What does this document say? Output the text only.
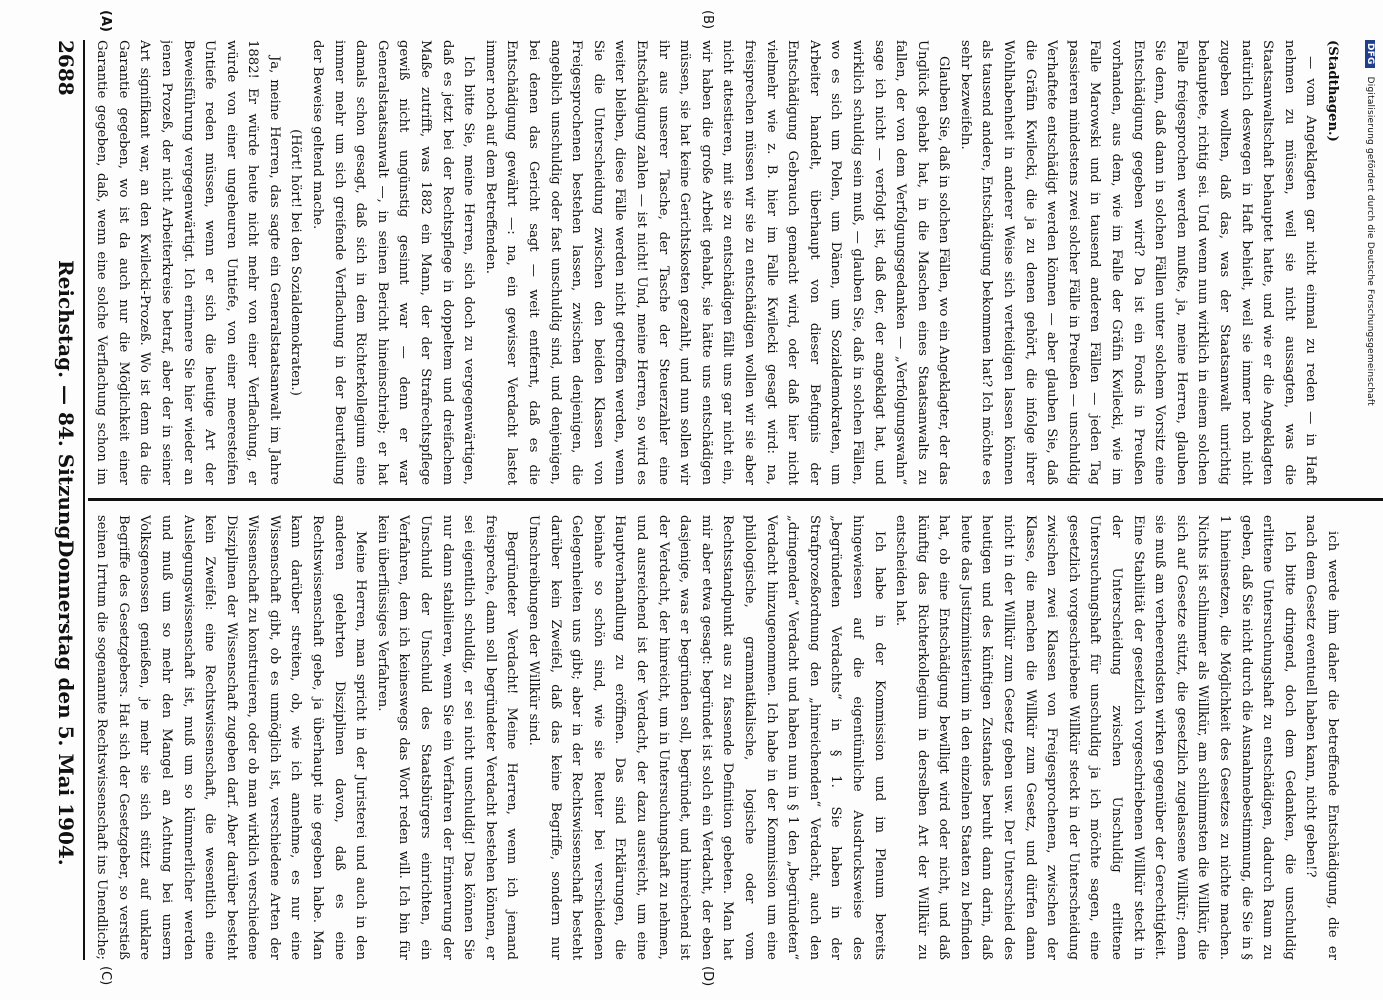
DFG Digitalisierung gefördert durch die Deutsche Forschungsgemeinschaft
(A)	(B)
(C)	(D)

(Stadthagen.)

— vom Angeklagten gar nicht einmal zu reden — in Haft nehmen zu müssen, weil sie nicht aussagten, was die Staatsanwaltschaft behauptet hatte, und wie er die Angeklagten natürlich deswegen in Haft behielt, weil sie immer noch nicht zugeben wollten, daß das, was der Staatsanwalt unrichtig behauptete, richtig sei. Und wenn nun wirklich in einem solchen Falle freigesprochen werden mußte, ja, meine Herren, glauben Sie denn, daß dann in solchen Fällen unter solchem Vorsitz eine Entschädigung gegeben wird? Da ist ein Fonds in Preußen vorhanden, aus dem, wie im Falle der Gräfin Kwilecki, wie im Falle Marowski und in tausend anderen Fällen — jeden Tag passieren mindestens zwei solcher Fälle in Preußen — unschuldig Verhaftete entschädigt werden können — aber glauben Sie, daß die Gräfin Kwilecki, die ja zu denen gehört, die infolge ihrer Wohlhabenheit in anderer Weise sich verteidigen lassen können als tausend andere, Entschädigung bekommen hat? Ich möchte es sehr bezweifeln.

Glauben Sie, daß in solchen Fällen, wo ein Angeklagter, der das Unglück gehabt hat, in die Maschen eines Staatsanwalts zu fallen, der von dem Verfolgungsgedanken — „Verfolgungswahn“ sage ich nicht — verfolgt ist, daß der, der angeklagt hat, und wirklich schuldig sein muß, — glauben Sie, daß in solchen Fällen, wo es sich um Polen, um Dänen, um Sozialdemokraten, um Arbeiter handelt, überhaupt von dieser Befugnis der Entschädigung Gebrauch gemacht wird, oder daß hier nicht vielmehr wie z. B. hier im Falle Kwilecki gesagt wird: na, freisprechen müssen wir sie zu entschädigen wollen wir sie aber nicht attestieren, mit sie zu entschädigen fällt uns gar nicht ein, wir haben die große Arbeit gehabt, sie hätte uns entschädigen müssen, sie hat keine Gerichtskosten gezahlt, und nun sollen wir ihr aus unserer Tasche, der Tasche der Steuerzahler eine Entschädigung zahlen — ist nicht! Und, meine Herren, so wird es weiter bleiben, diese Fälle werden nicht getroffen werden, wenn Sie die Unterscheidung zwischen den beiden Klassen von Freigesprochenen bestehen lassen, zwischen denjenigen, die angeblich unschuldig oder fast unschuldig sind, und denjenigen, bei denen das Gericht sagt — weit entfernt, daß es die Entschädigung gewährt —: na, ein gewisser Verdacht lastet immer noch auf dem Betreffenden.

Ich bitte Sie, meine Herren, sich doch zu vergegenwärtigen, daß es jetzt bei der Rechtspflege in doppeltem und dreifachem Maße zutrifft, was 1882 ein Mann, der der Strafrechtspflege gewiß nicht ungünstig gesinnt war — denn er war Generalstaatsanwalt —, in seinen Bericht hineinschrieb; er hat damals schon gesagt, daß sich in dem Richterkollegium eine immer mehr um sich greifende Verflachung in der Beurteilung der Beweise geltend mache.

(Hört! hört! bei den Sozialdemokraten.)

Ja, meine Herren, das sagte ein Generalstaatsanwalt im Jahre 1882! Er würde heute nicht mehr von einer Verflachung, er würde von einer ungeheuren Untiefe, von einer meeresteifen Untiefe reden müssen, wenn er sich die heutige Art der Beweisführung vergegenwärtigt. Ich erinnere Sie hier wieder an jenen Prozeß, der nicht Arbeiterkreise betraf, aber der in seiner Art signifikant war, an den Kwilecki-Prozeß. Wo ist denn da die Garantie gegeben, wo ist da auch nur die Möglichkeit einer Garantie gegeben, daß, wenn eine solche Verflachung schon im

ich werde ihm daher die betreffende Entschädigung, die er nach dem Gesetz eventuell haben kann, nicht geben!?

Ich bitte dringend, doch dem Gedanken, die unschuldig erlittene Untersuchungshaft zu entschädigen, dadurch Raum zu geben, daß Sie nicht durch die Ausnahmebestimmung, die Sie in § 1 hineinsetzen, die Möglichkeit des Gesetzes zu nichte machen. Nichts ist schlimmer als Willkür, am schlimmsten die Willkür, die sich auf Gesetze stützt, die gesetzlich zugelassene Willkür; denn sie muß am verheerendsten wirken gegenüber der Gerechtigkeit. Eine Stabilität der gesetzlich vorgeschriebenen Willkür steckt in der Unterscheidung zwischen Unschuldig erlittene Untersuchungshaft für unschuldig ja ich möchte sagen, eine gesetzlich vorgeschriebene Willkür steckt in der Unterscheidung zwischen zwei Klassen von Freigesprochenen, zwischen der Klasse, die machen die Willkür zum Gesetz, und dürfen dann nicht in der Willkür zum Gesetz geben usw. Der Unterschied des heutigen und des künftigen Zustandes beruht dann darin, daß heute das Justizministerium in den einzelnen Staaten zu befinden hat, ob eine Entschädigung bewilligt wird oder nicht, und daß künftig das Richterkollegium in derselben Art der Willkür zu entscheiden hat.

Ich habe in der Kommission und im Plenum bereits hingewiesen auf die eigentümliche Ausdrucksweise des „begründeten Verdachts“ in § 1. Sie haben in der Strafprozeßordnung den „hinreichenden“ Verdacht, auch den „dringenden“ Verdacht und haben nun in § 1 den „begründeten“ Verdacht hinzugenommen. Ich habe in der Kommission um eine philologische, grammatikalische, logische oder vom Rechtsstandpunkt aus zu fassende Definition gebeten. Man hat mir aber etwa gesagt: begründet ist solch ein Verdacht, der eben dasjenige, was er begründen soll, begründet, und hinreichend ist der Verdacht, der hinreicht, um in Untersuchungshaft zu nehmen, und ausreichend ist der Verdacht, der dazu ausreicht, um eine Hauptverhandlung zu eröffnen. Das sind Erklärungen, die beinahe so schön sind, wie sie Reuter bei verschiedenen Gelegenheiten uns gibt; aber in der Rechtswissenschaft besteht darüber kein Zweifel, daß das keine Begriffe, sondern nur Umschreibungen der Willkür sind.

Begründeter Verdacht! Meine Herren, wenn ich jemand freispreche, dann soll begründeter Verdacht bestehen können, er sei eigentlich schuldig, er sei nicht unschuldig! Das können Sie nur dann stabilieren, wenn Sie ein Verfahren der Erinnerung der Unschuld der Unschuld des Staatsbürgers einrichten, ein Verfahren, dem ich keineswegs das Wort reden will. Ich bin für kein überflüssiges Verfahren.

Meine Herren, man spricht in der Juristerei und auch in den anderen gelehrten Disziplinen davon, daß es eine Rechtswissenschaft gebe, ja überhaupt nie gegeben habe. Man kann darüber streiten, ob, wie ich annehme, es nur eine Wissenschaft gibt, ob es unmöglich ist, verschiedene Arten der Wissenschaft zu konstruieren, oder ob man wirklich verschiedene Disziplinen der Wissenschaft zugeben darf. Aber darüber besteht kein Zweifel: eine Rechtswissenschaft, die wesentlich eine Auslegungswissenschaft ist, muß um so kümmerlicher werden und muß um so mehr den Mangel an Achtung bei unsern Volksgenossen genießen, je mehr sie sich stützt auf unklare Begriffe des Gesetzgebers. Hat sich der Gesetzgeber, so verstieß seinen Irrtum die sogenannte Rechtswissenschaft ins Unendliche;

2688
Reichstag. — 84. Sitzung.
Donnerstag den 5. Mai 1904.
